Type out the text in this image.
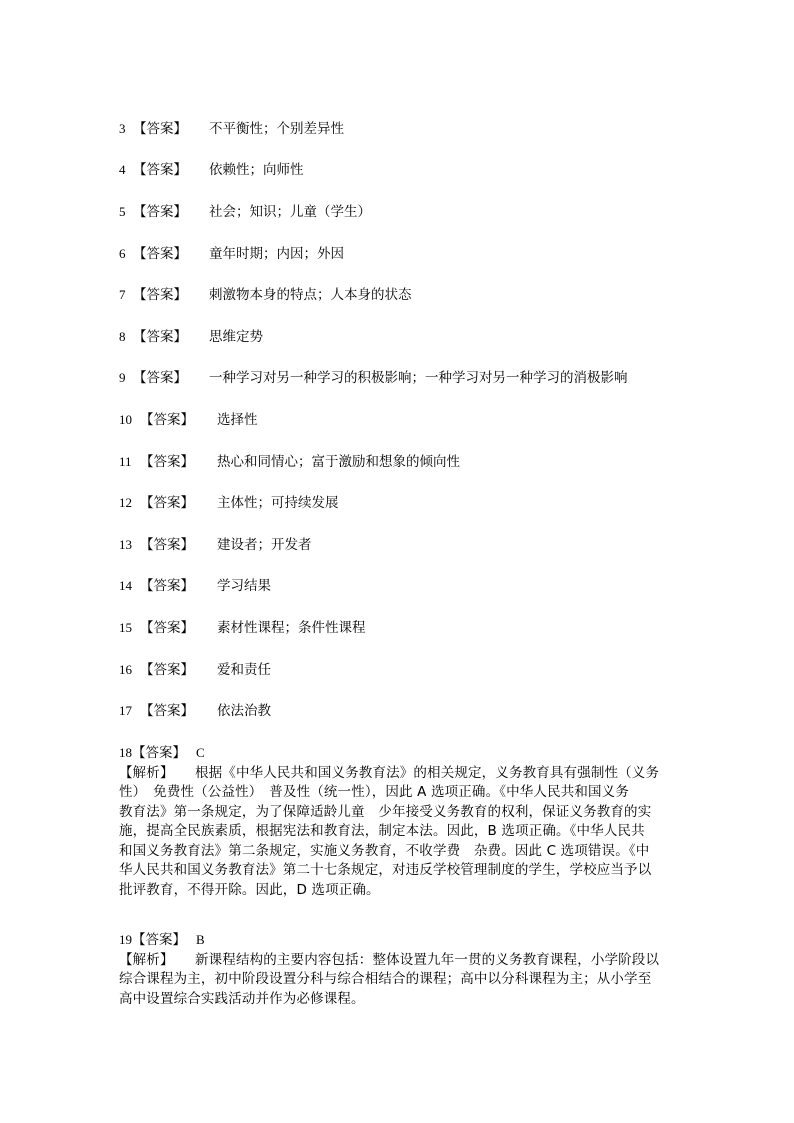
3 【答案】 不平衡性；个别差异性
4 【答案】 依赖性；向师性
5 【答案】 社会；知识；儿童（学生）
6 【答案】 童年时期；内因；外因
7 【答案】 刺激物本身的特点；人本身的状态
8 【答案】 思维定势
9 【答案】 一种学习对另一种学习的积极影响；一种学习对另一种学习的消极影响
10 【答案】 选择性
11 【答案】 热心和同情心；富于激励和想象的倾向性
12 【答案】 主体性；可持续发展
13 【答案】 建设者；开发者
14 【答案】 学习结果
15 【答案】 素材性课程；条件性课程
16 【答案】 爱和责任
17 【答案】 依法治教
18【答案】 C
【解析】 根据《中华人民共和国义务教育法》的相关规定，义务教育具有强制性（义务
性）　免费性（公益性）　普及性（统一性），因此 A 选项正确。《中华人民共和国义务
教育法》第一条规定，为了保障适龄儿童　少年接受义务教育的权利，保证义务教育的实
施，提高全民族素质，根据宪法和教育法，制定本法。因此，B 选项正确。《中华人民共
和国义务教育法》第二条规定，实施义务教育，不收学费　杂费。因此 C 选项错误。《中
华人民共和国义务教育法》第二十七条规定，对违反学校管理制度的学生，学校应当予以
批评教育，不得开除。因此，D 选项正确。
19【答案】 B
【解析】 新课程结构的主要内容包括：整体设置九年一贯的义务教育课程，小学阶段以
综合课程为主，初中阶段设置分科与综合相结合的课程；高中以分科课程为主；从小学至
高中设置综合实践活动并作为必修课程。
